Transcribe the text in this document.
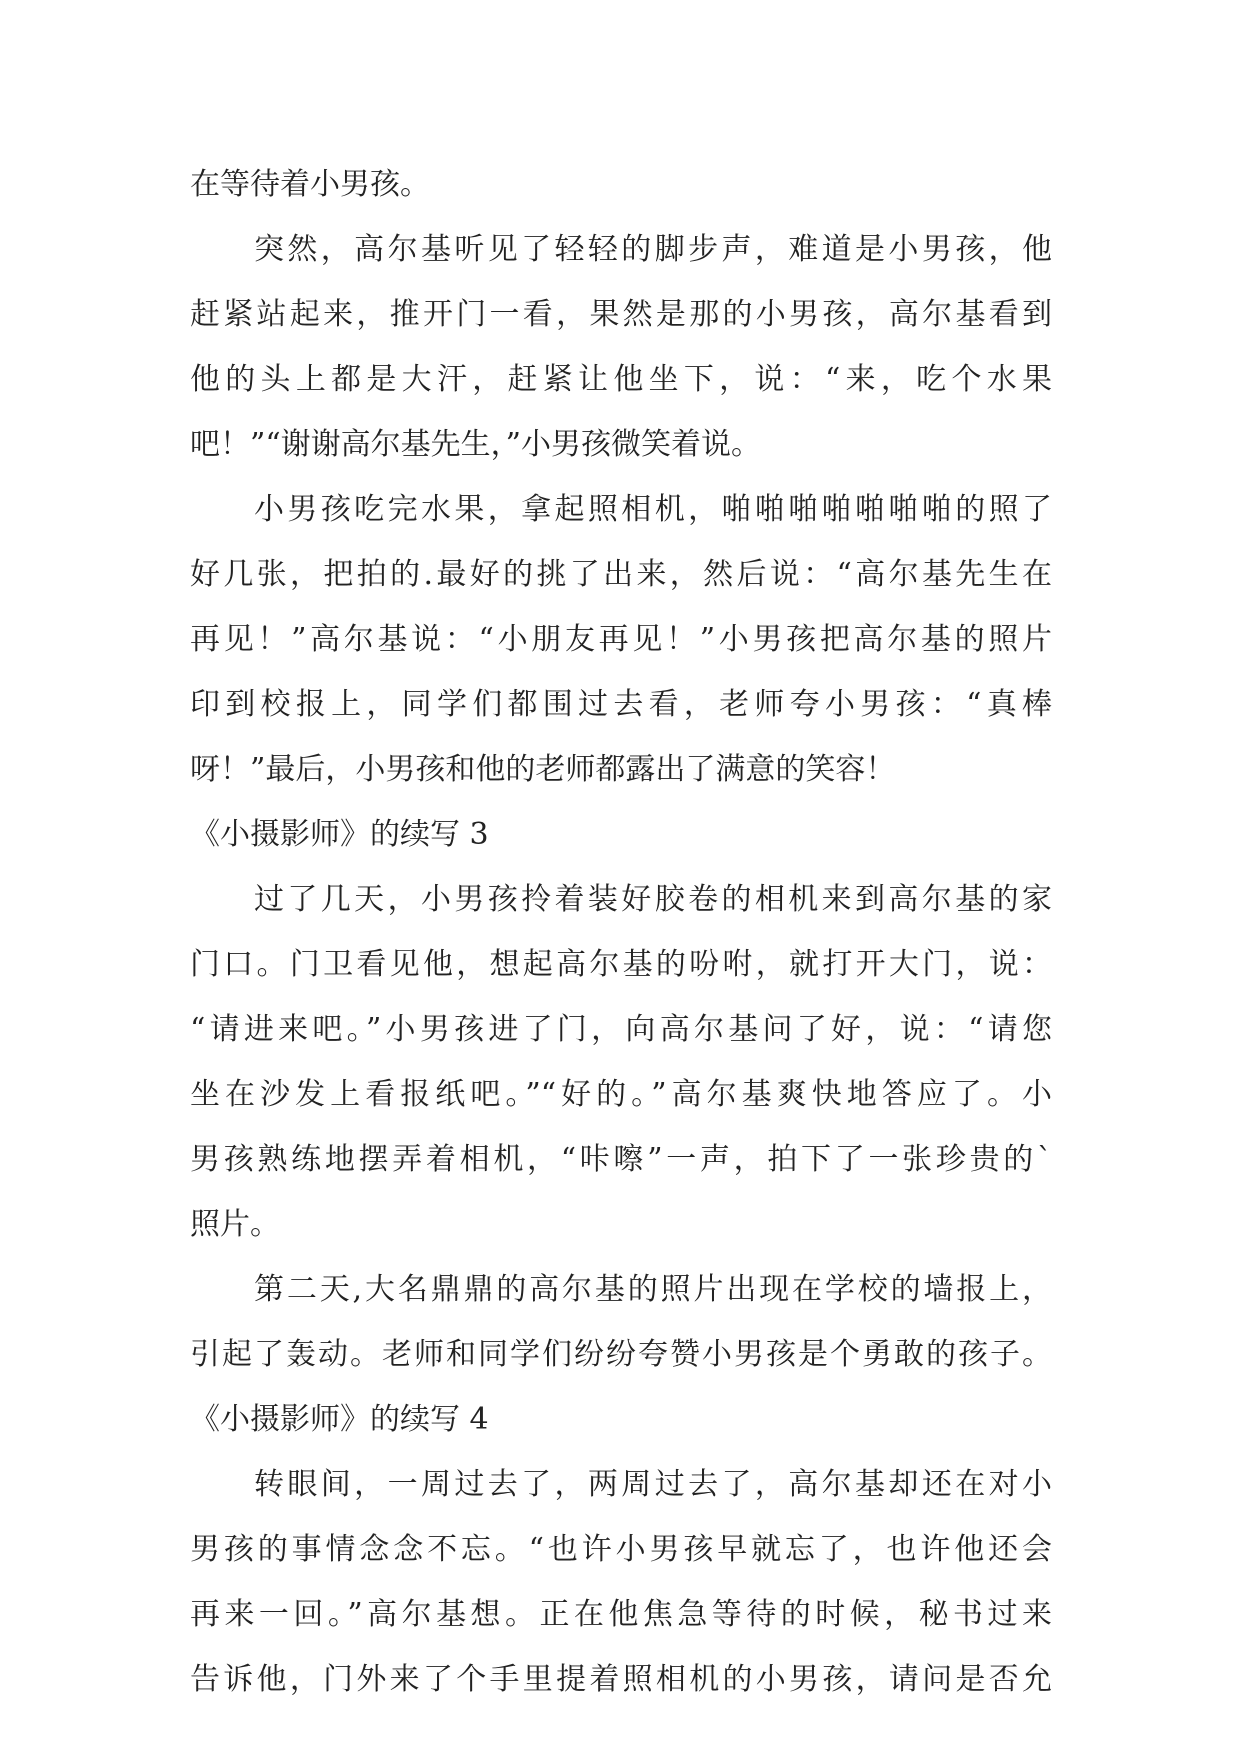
在等待着小男孩。
突然，高尔基听见了轻轻的脚步声，难道是小男孩，他
赶紧站起来，推开门一看，果然是那的小男孩，高尔基看到
他的头上都是大汗，赶紧让他坐下，说：“来，吃个水果
吧！”“谢谢高尔基先生，”小男孩微笑着说。
小男孩吃完水果，拿起照相机，啪啪啪啪啪啪啪的照了
好几张，把拍的.最好的挑了出来，然后说：“高尔基先生在
再见！”高尔基说：“小朋友再见！”小男孩把高尔基的照片
印到校报上，同学们都围过去看，老师夸小男孩：“真棒
呀！”最后，小男孩和他的老师都露出了满意的笑容！
《小摄影师》的续写 3
过了几天，小男孩拎着装好胶卷的相机来到高尔基的家
门口。门卫看见他，想起高尔基的吩咐，就打开大门，说：
“请进来吧。”小男孩进了门，向高尔基问了好，说：“请您
坐在沙发上看报纸吧。”“好的。”高尔基爽快地答应了。小
男孩熟练地摆弄着相机，“咔嚓”一声，拍下了一张珍贵的`
照片。
第二天,大名鼎鼎的高尔基的照片出现在学校的墙报上，
引起了轰动。老师和同学们纷纷夸赞小男孩是个勇敢的孩子。
《小摄影师》的续写 4
转眼间，一周过去了，两周过去了，高尔基却还在对小
男孩的事情念念不忘。“也许小男孩早就忘了，也许他还会
再来一回。”高尔基想。正在他焦急等待的时候，秘书过来
告诉他，门外来了个手里提着照相机的小男孩，请问是否允
